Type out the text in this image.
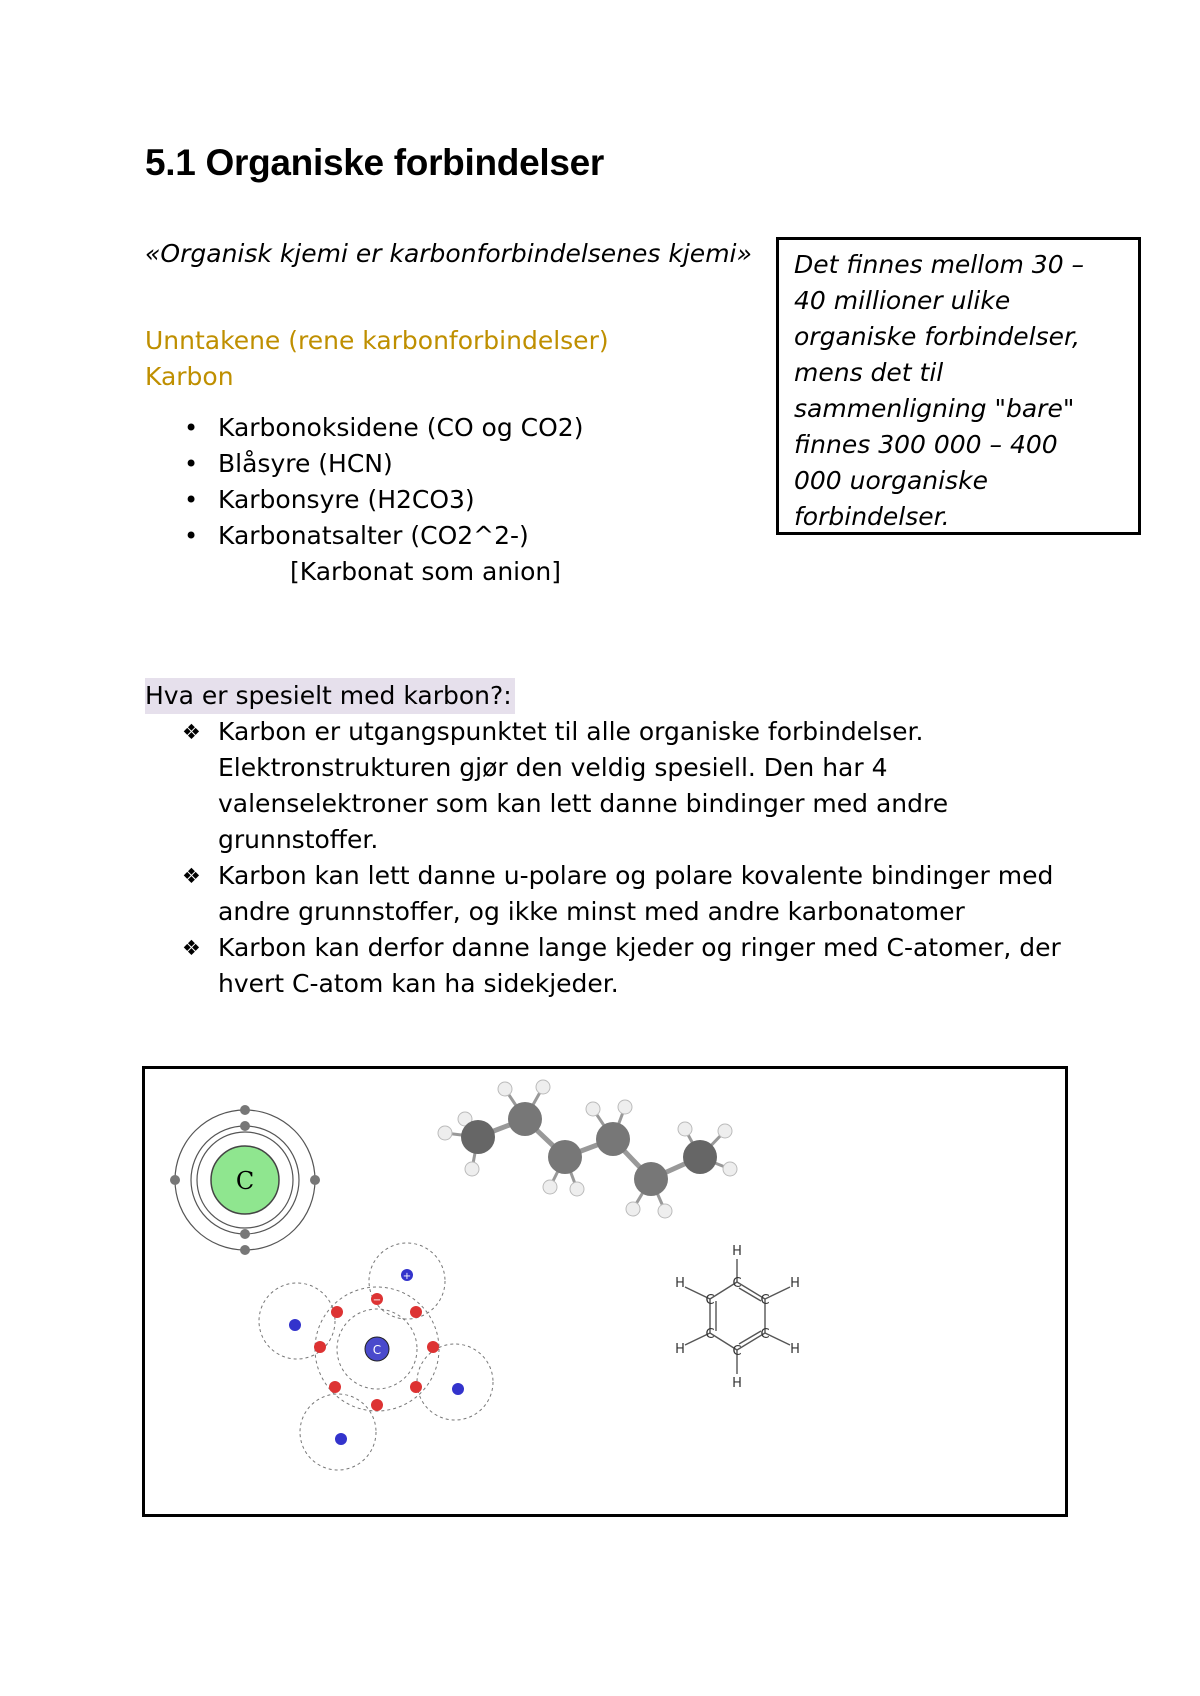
5.1 Organiske forbindelser

«Organisk kjemi er karbonforbindelsenes kjemi»

Unntakene (rene karbonforbindelser)
Karbon
• Karbonoksidene (CO og CO2)
• Blåsyre (HCN)
• Karbonsyre (H2CO3)
• Karbonatsalter (CO2^2-)
[Karbonat som anion]
Det finnes mellom 30 –
40 millioner ulike
organiske forbindelser,
mens det til
sammenligning "bare"
finnes 300 000 – 400
000 uorganiske
forbindelser.

Hva er spesielt med karbon?:

❖ Karbon er utgangspunktet til alle organiske forbindelser. Elektronstrukturen gjør den veldig spesiell. Den har 4 valenselektroner som kan lett danne bindinger med andre grunnstoffer.
❖ Karbon kan lett danne u-polare og polare kovalente bindinger med andre grunnstoffer, og ikke minst med andre karbonatomer
❖ Karbon kan derfor danne lange kjeder og ringer med C-atomer, der hvert C-atom kan ha sidekjeder.
C
C
+
−
C
C	C
C	C
C
H
H
H
H
H
H
